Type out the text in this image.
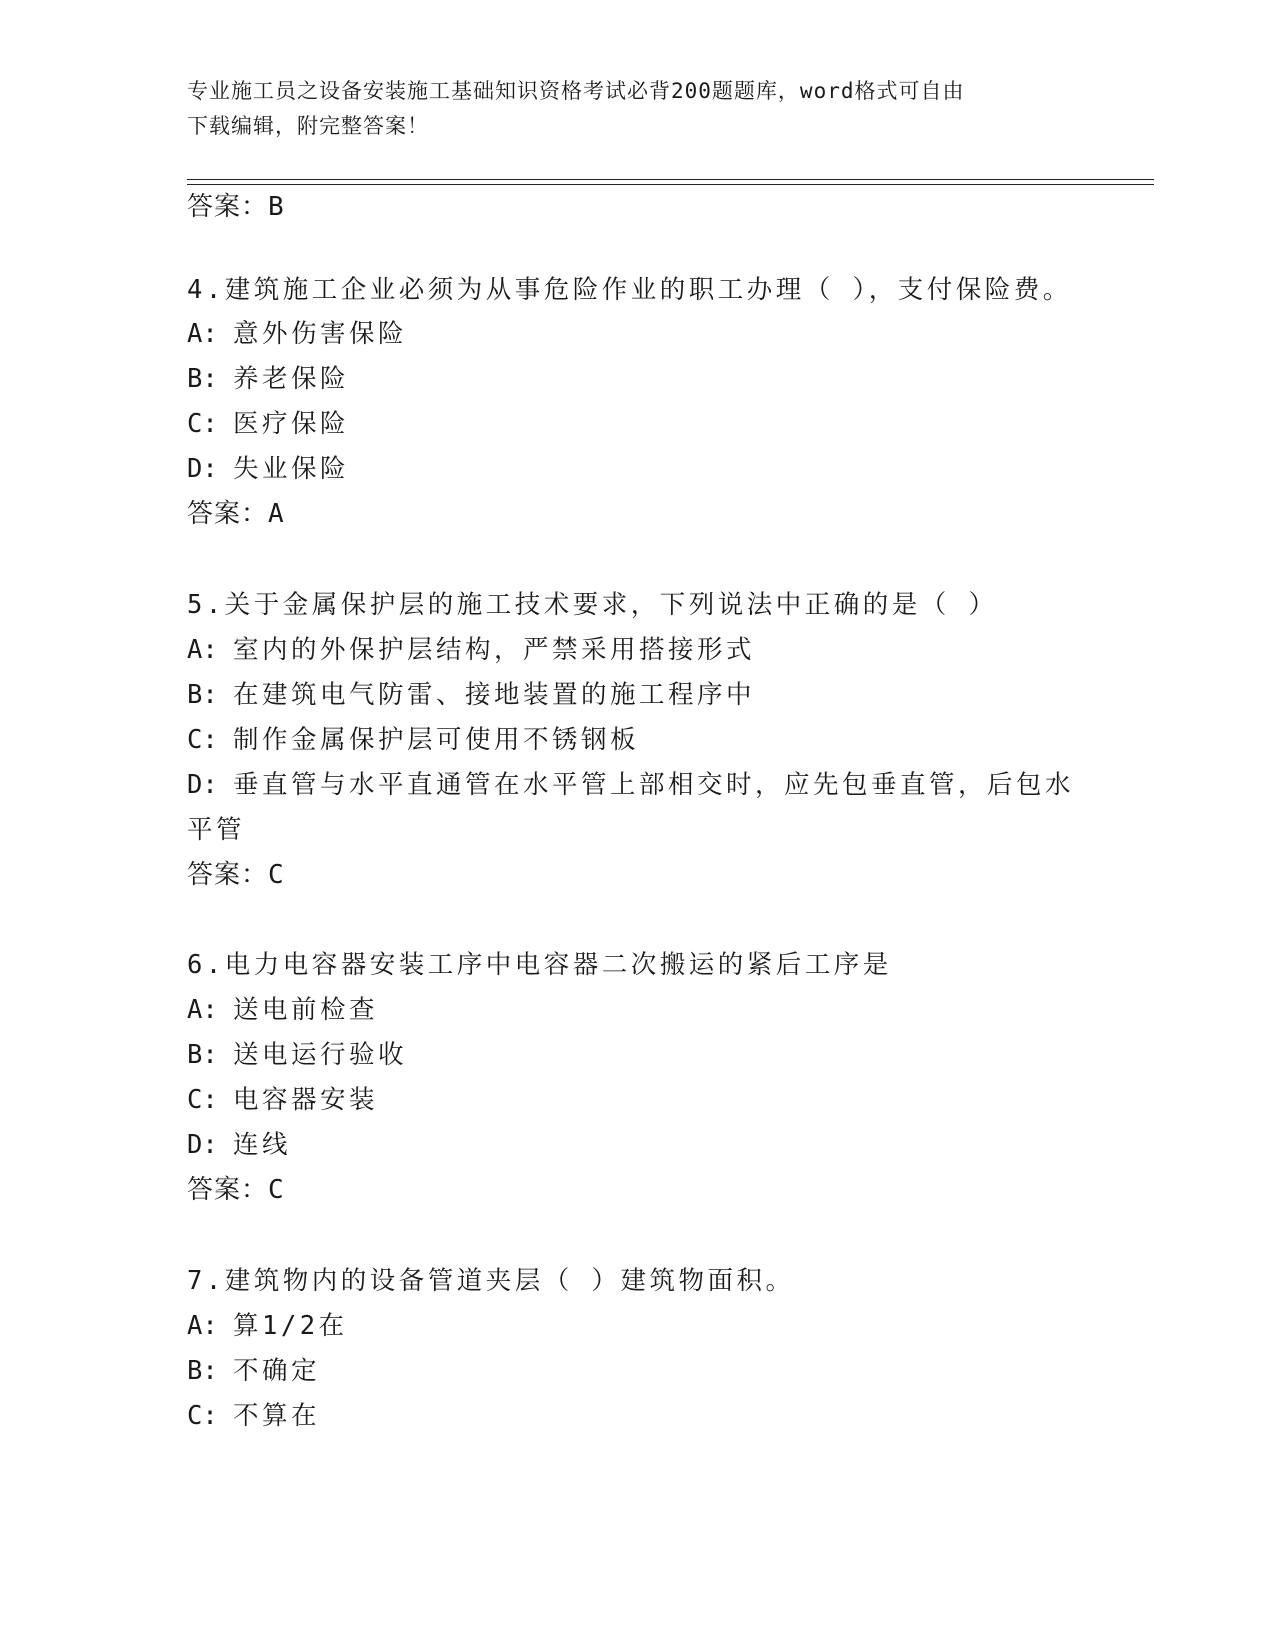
专业施工员之设备安装施工基础知识资格考试必背200题题库，word格式可自由
下载编辑，附完整答案！
答案：B
4.建筑施工企业必须为从事危险作业的职工办理（ ），支付保险费。
A: 意外伤害保险
B: 养老保险
C: 医疗保险
D: 失业保险
答案：A
5.关于金属保护层的施工技术要求，下列说法中正确的是（ ）
A: 室内的外保护层结构，严禁采用搭接形式
B: 在建筑电气防雷、接地装置的施工程序中
C: 制作金属保护层可使用不锈钢板
D: 垂直管与水平直通管在水平管上部相交时，应先包垂直管，后包水
平管
答案：C
6.电力电容器安装工序中电容器二次搬运的紧后工序是
A: 送电前检查
B: 送电运行验收
C: 电容器安装
D: 连线
答案：C
7.建筑物内的设备管道夹层（ ）建筑物面积。
A: 算1/2在
B: 不确定
C: 不算在
